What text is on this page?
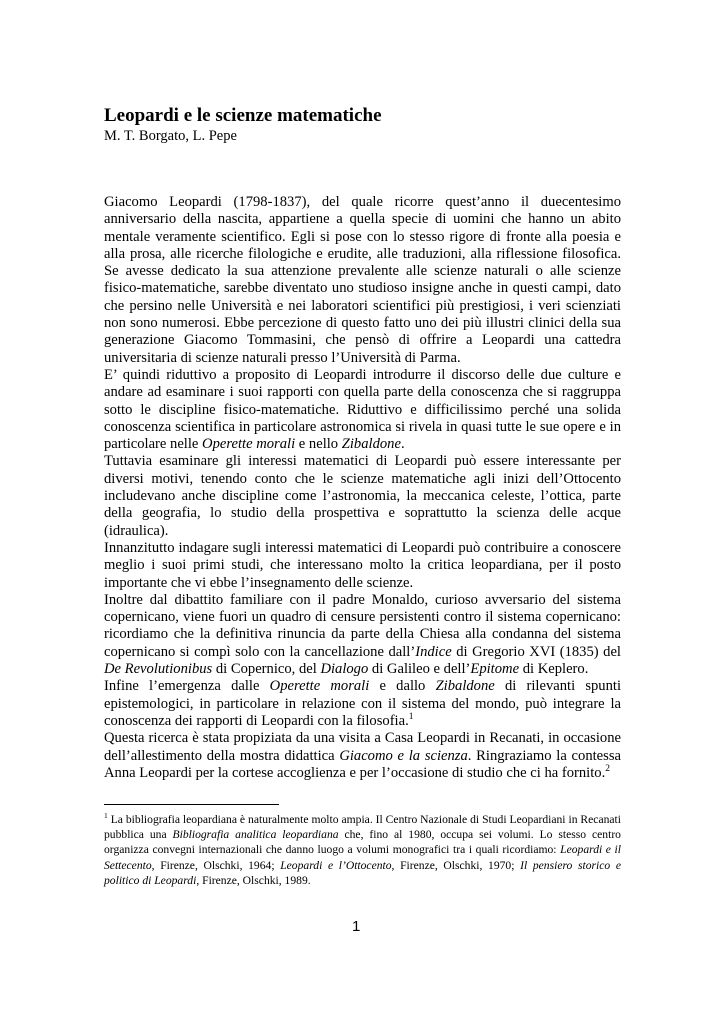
Leopardi e le scienze matematiche
M. T. Borgato, L. Pepe

Giacomo Leopardi (1798-1837), del quale ricorre quest’anno il duecentesimo anniversario della nascita, appartiene a quella specie di uomini che hanno un abito mentale veramente scientifico. Egli si pose con lo stesso rigore di fronte alla poesia e alla prosa, alle ricerche filologiche e erudite, alle traduzioni, alla riflessione filosofica. Se avesse dedicato la sua attenzione prevalente alle scienze naturali o alle scienze fisico-matematiche, sarebbe diventato uno studioso insigne anche in questi campi, dato che persino nelle Università e nei laboratori scientifici più prestigiosi, i veri scienziati non sono numerosi. Ebbe percezione di questo fatto uno dei più illustri clinici della sua generazione Giacomo Tommasini, che pensò di offrire a Leopardi una cattedra universitaria di scienze naturali presso l’Università di Parma.

E’ quindi riduttivo a proposito di Leopardi introdurre il discorso delle due culture e andare ad esaminare i suoi rapporti con quella parte della conoscenza che si raggruppa sotto le discipline fisico-matematiche. Riduttivo e difficilissimo perché una solida conoscenza scientifica in particolare astronomica si rivela in quasi tutte le sue opere e in particolare nelle Operette morali e nello Zibaldone.

Tuttavia esaminare gli interessi matematici di Leopardi può essere interessante per diversi motivi, tenendo conto che le scienze matematiche agli inizi dell’Ottocento includevano anche discipline come l’astronomia, la meccanica celeste, l’ottica, parte della geografia, lo studio della prospettiva e soprattutto la scienza delle acque (idraulica).

Innanzitutto indagare sugli interessi matematici di Leopardi può contribuire a conoscere meglio i suoi primi studi, che interessano molto la critica leopardiana, per il posto importante che vi ebbe l’insegnamento delle scienze.

Inoltre dal dibattito familiare con il padre Monaldo, curioso avversario del sistema copernicano, viene fuori un quadro di censure persistenti contro il sistema copernicano: ricordiamo che la definitiva rinuncia da parte della Chiesa alla condanna del sistema copernicano si compì solo con la cancellazione dall’Indice di Gregorio XVI (1835) del De Revolutionibus di Copernico, del Dialogo di Galileo e dell’Epitome di Keplero.

Infine l’emergenza dalle Operette morali e dallo Zibaldone di rilevanti spunti epistemologici, in particolare in relazione con il sistema del mondo, può integrare la conoscenza dei rapporti di Leopardi con la filosofia.$^1$

Questa ricerca è stata propiziata da una visita a Casa Leopardi in Recanati, in occasione dell’allestimento della mostra didattica Giacomo e la scienza. Ringraziamo la contessa Anna Leopardi per la cortese accoglienza e per l’occasione di studio che ci ha fornito.$^2$

$^1$ La bibliografia leopardiana è naturalmente molto ampia. Il Centro Nazionale di Studi Leopardiani in Recanati pubblica una Bibliografia analitica leopardiana che, fino al 1980, occupa sei volumi. Lo stesso centro organizza convegni internazionali che danno luogo a volumi monografici tra i quali ricordiamo: Leopardi e il Settecento, Firenze, Olschki, 1964; Leopardi e l’Ottocento, Firenze, Olschki, 1970; Il pensiero storico e politico di Leopardi, Firenze, Olschki, 1989.
1
